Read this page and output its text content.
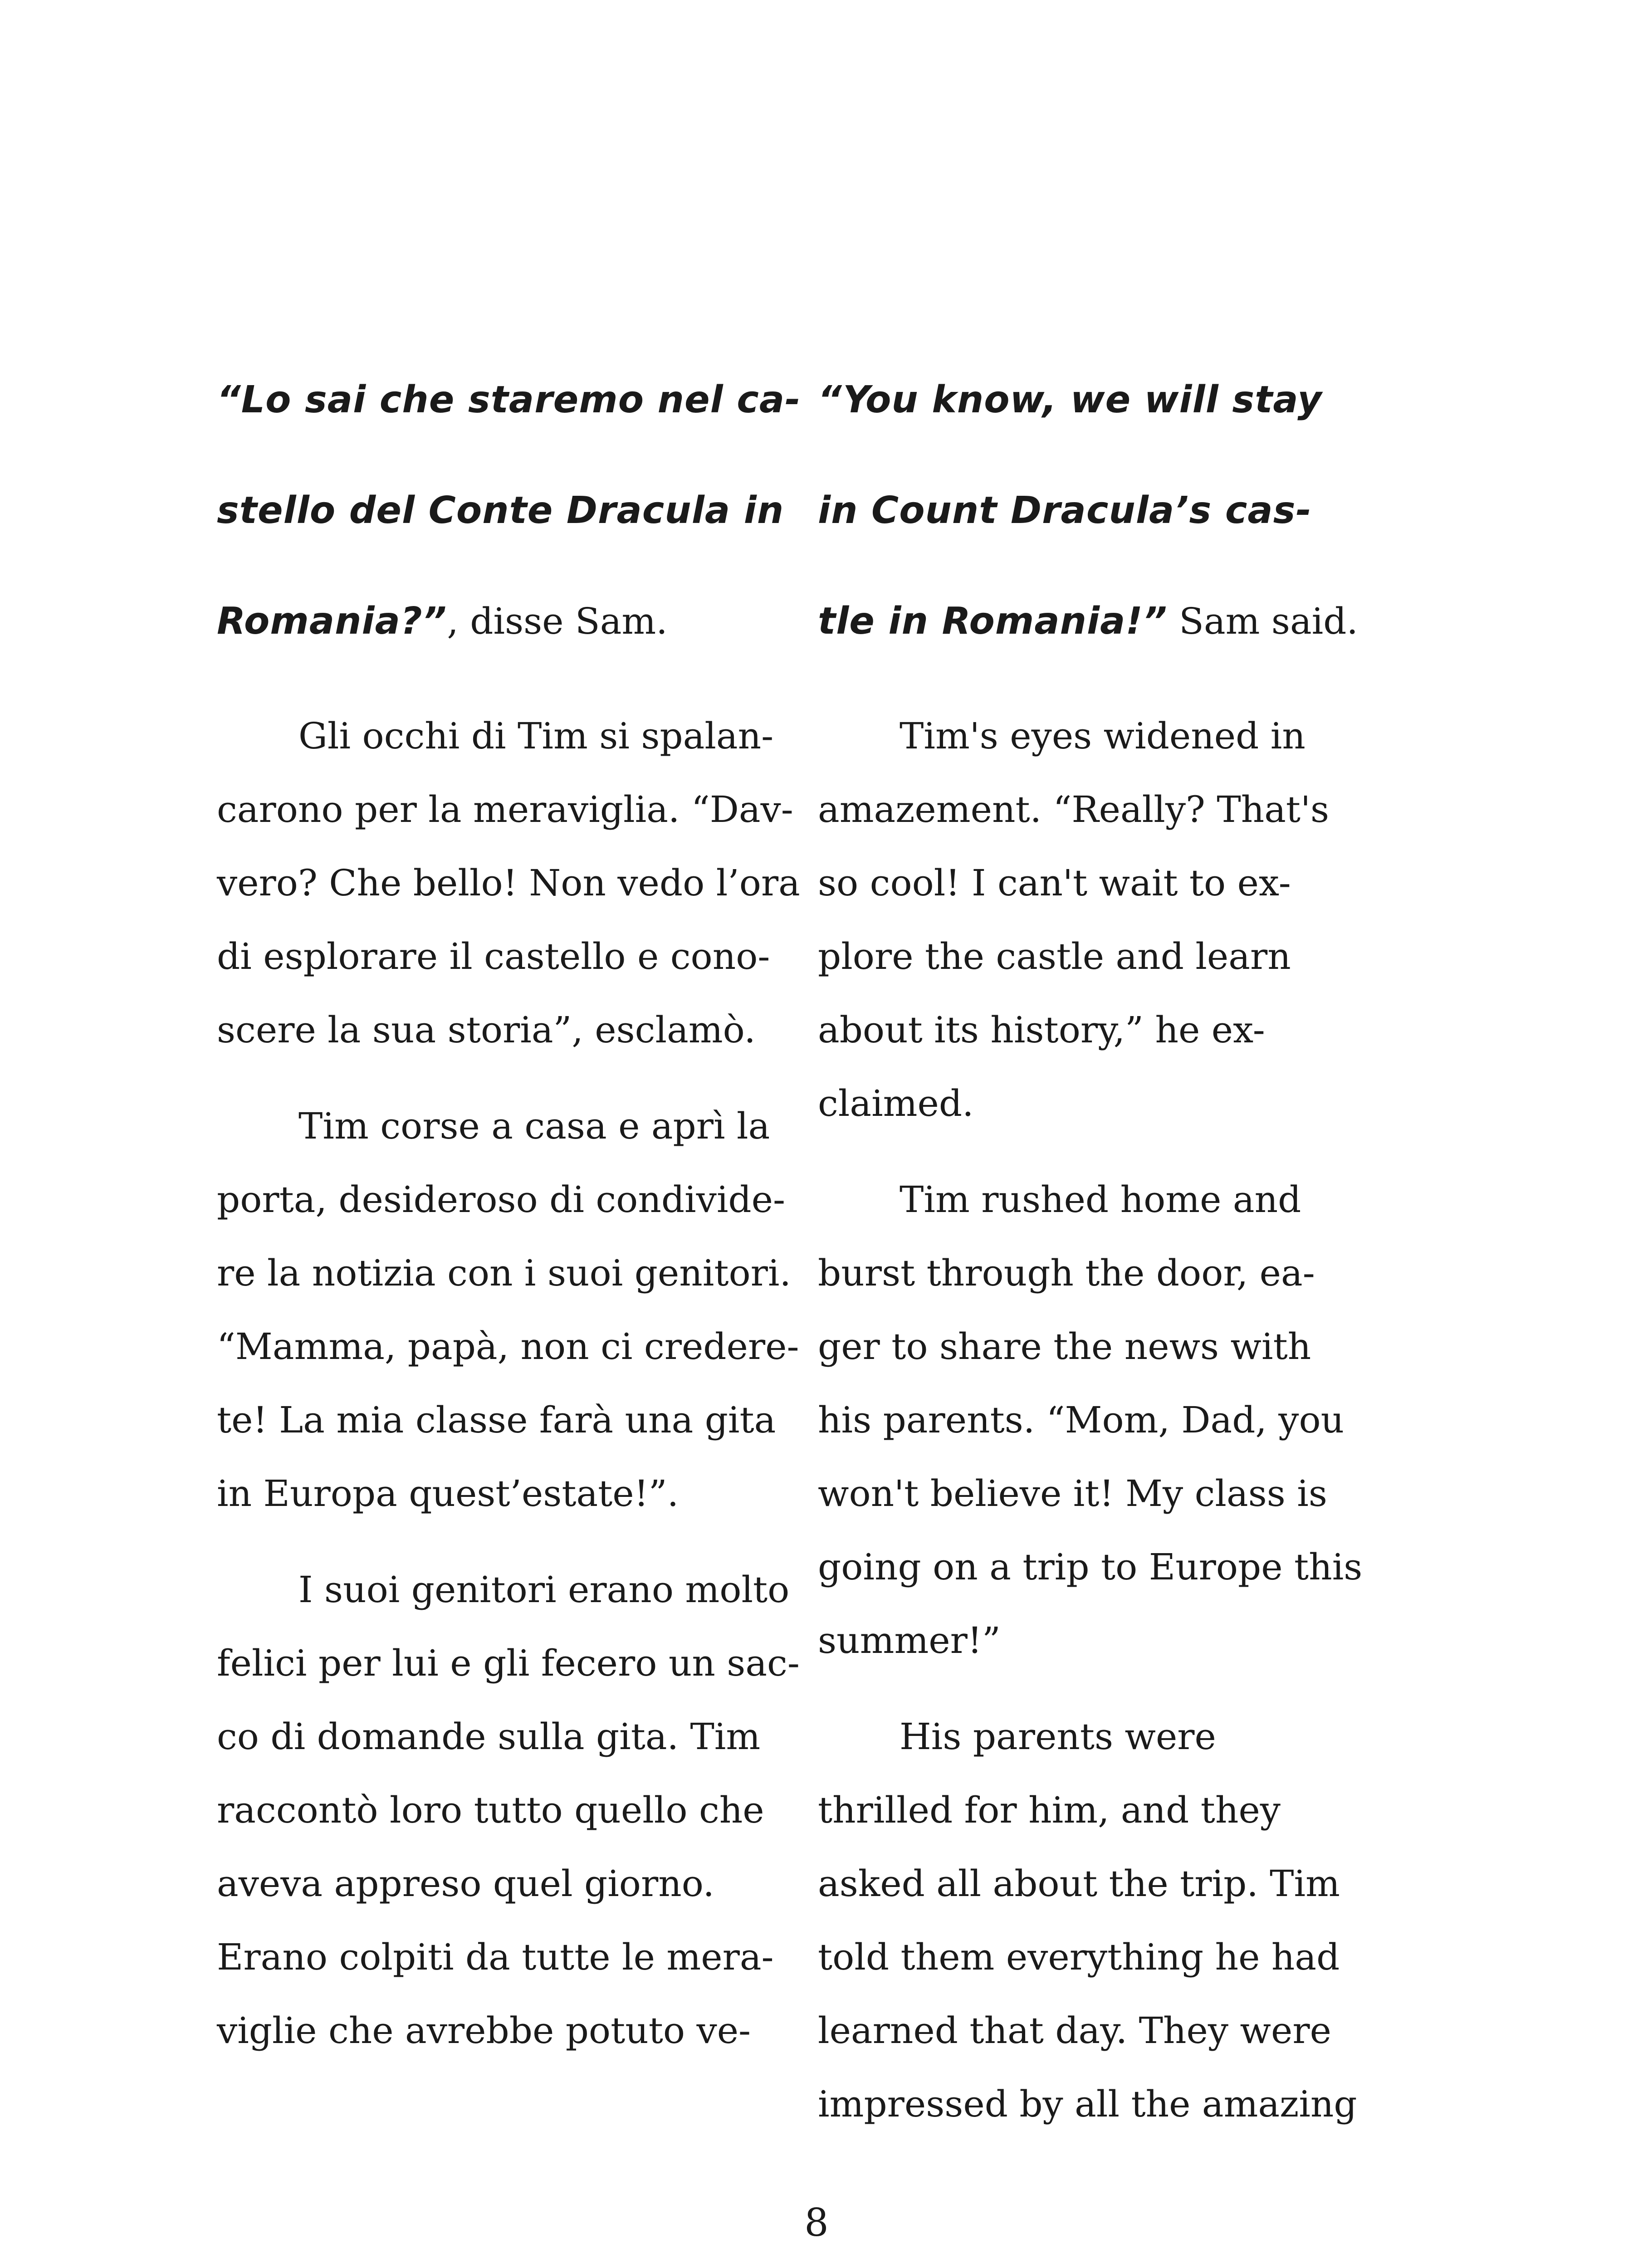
“Lo sai che staremo nel ca-
stello del Conte Dracula in
Romania?”, disse Sam.
Gli occhi di Tim si spalan-
carono per la meraviglia. “Dav-
vero? Che bello! Non vedo l’ora
di esplorare il castello e cono-
scere la sua storia”, esclamò.
Tim corse a casa e aprì la
porta, desideroso di condivide-
re la notizia con i suoi genitori.
“Mamma, papà, non ci credere-
te! La mia classe farà una gita
in Europa quest’estate!”.
I suoi genitori erano molto
felici per lui e gli fecero un sac-
co di domande sulla gita. Tim
raccontò loro tutto quello che
aveva appreso quel giorno.
Erano colpiti da tutte le mera-
viglie che avrebbe potuto ve-
“You know, we will stay
in Count Dracula’s cas-
tle in Romania!” Sam said.
Tim's eyes widened in
amazement. “Really? That's
so cool! I can't wait to ex-
plore the castle and learn
about its history,” he ex-
claimed.
Tim rushed home and
burst through the door, ea-
ger to share the news with
his parents. “Mom, Dad, you
won't believe it! My class is
going on a trip to Europe this
summer!”
His parents were
thrilled for him, and they
asked all about the trip. Tim
told them everything he had
learned that day. They were
impressed by all the amazing
8
